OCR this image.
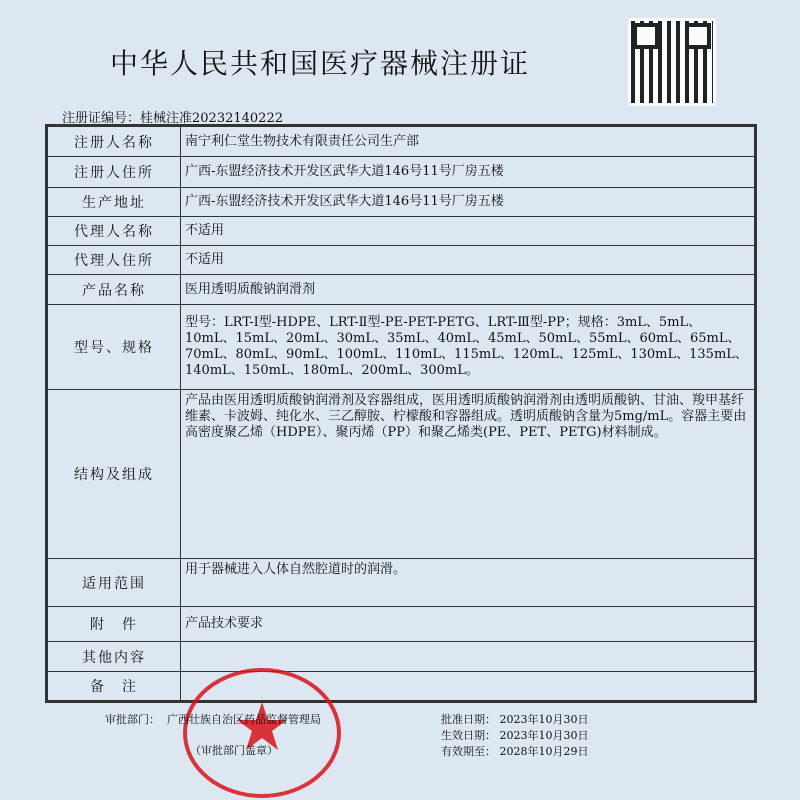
中华人民共和国医疗器械注册证
注册证编号：桂械注准20232140222
注册人名称	南宁利仁堂生物技术有限责任公司生产部
注册人住所	广西-东盟经济技术开发区武华大道146号11号厂房五楼
生产地址	广西-东盟经济技术开发区武华大道146号11号厂房五楼
代理人名称	不适用
代理人住所	不适用
产品名称	医用透明质酸钠润滑剂
型号、规格	型号：LRT-Ⅰ型-HDPE、LRT-Ⅱ型-PE-PET-PETG、LRT-Ⅲ型-PP；规格：3mL、5mL、10mL、15mL、20mL、30mL、35mL、40mL、45mL、50mL、55mL、60mL、65mL、70mL、80mL、90mL、100mL、110mL、115mL、120mL、125mL、130mL、135mL、140mL、150mL、180mL、200mL、300mL。
结构及组成	产品由医用透明质酸钠润滑剂及容器组成，医用透明质酸钠润滑剂由透明质酸钠、甘油、羧甲基纤维素、卡波姆、纯化水、三乙醇胺、柠檬酸和容器组成。透明质酸钠含量为5mg/mL。容器主要由高密度聚乙烯（HDPE）、聚丙烯（PP）和聚乙烯类(PE、PET、PETG)材料制成。
适用范围	用于器械进入人体自然腔道时的润滑。
附　件	产品技术要求
其他内容	
备　注	
审批部门： 广西壮族自治区药品监督管理局
（审批部门盖章）
批准日期： 2023年10月30日
生效日期： 2023年10月30日
有效期至： 2028年10月29日
